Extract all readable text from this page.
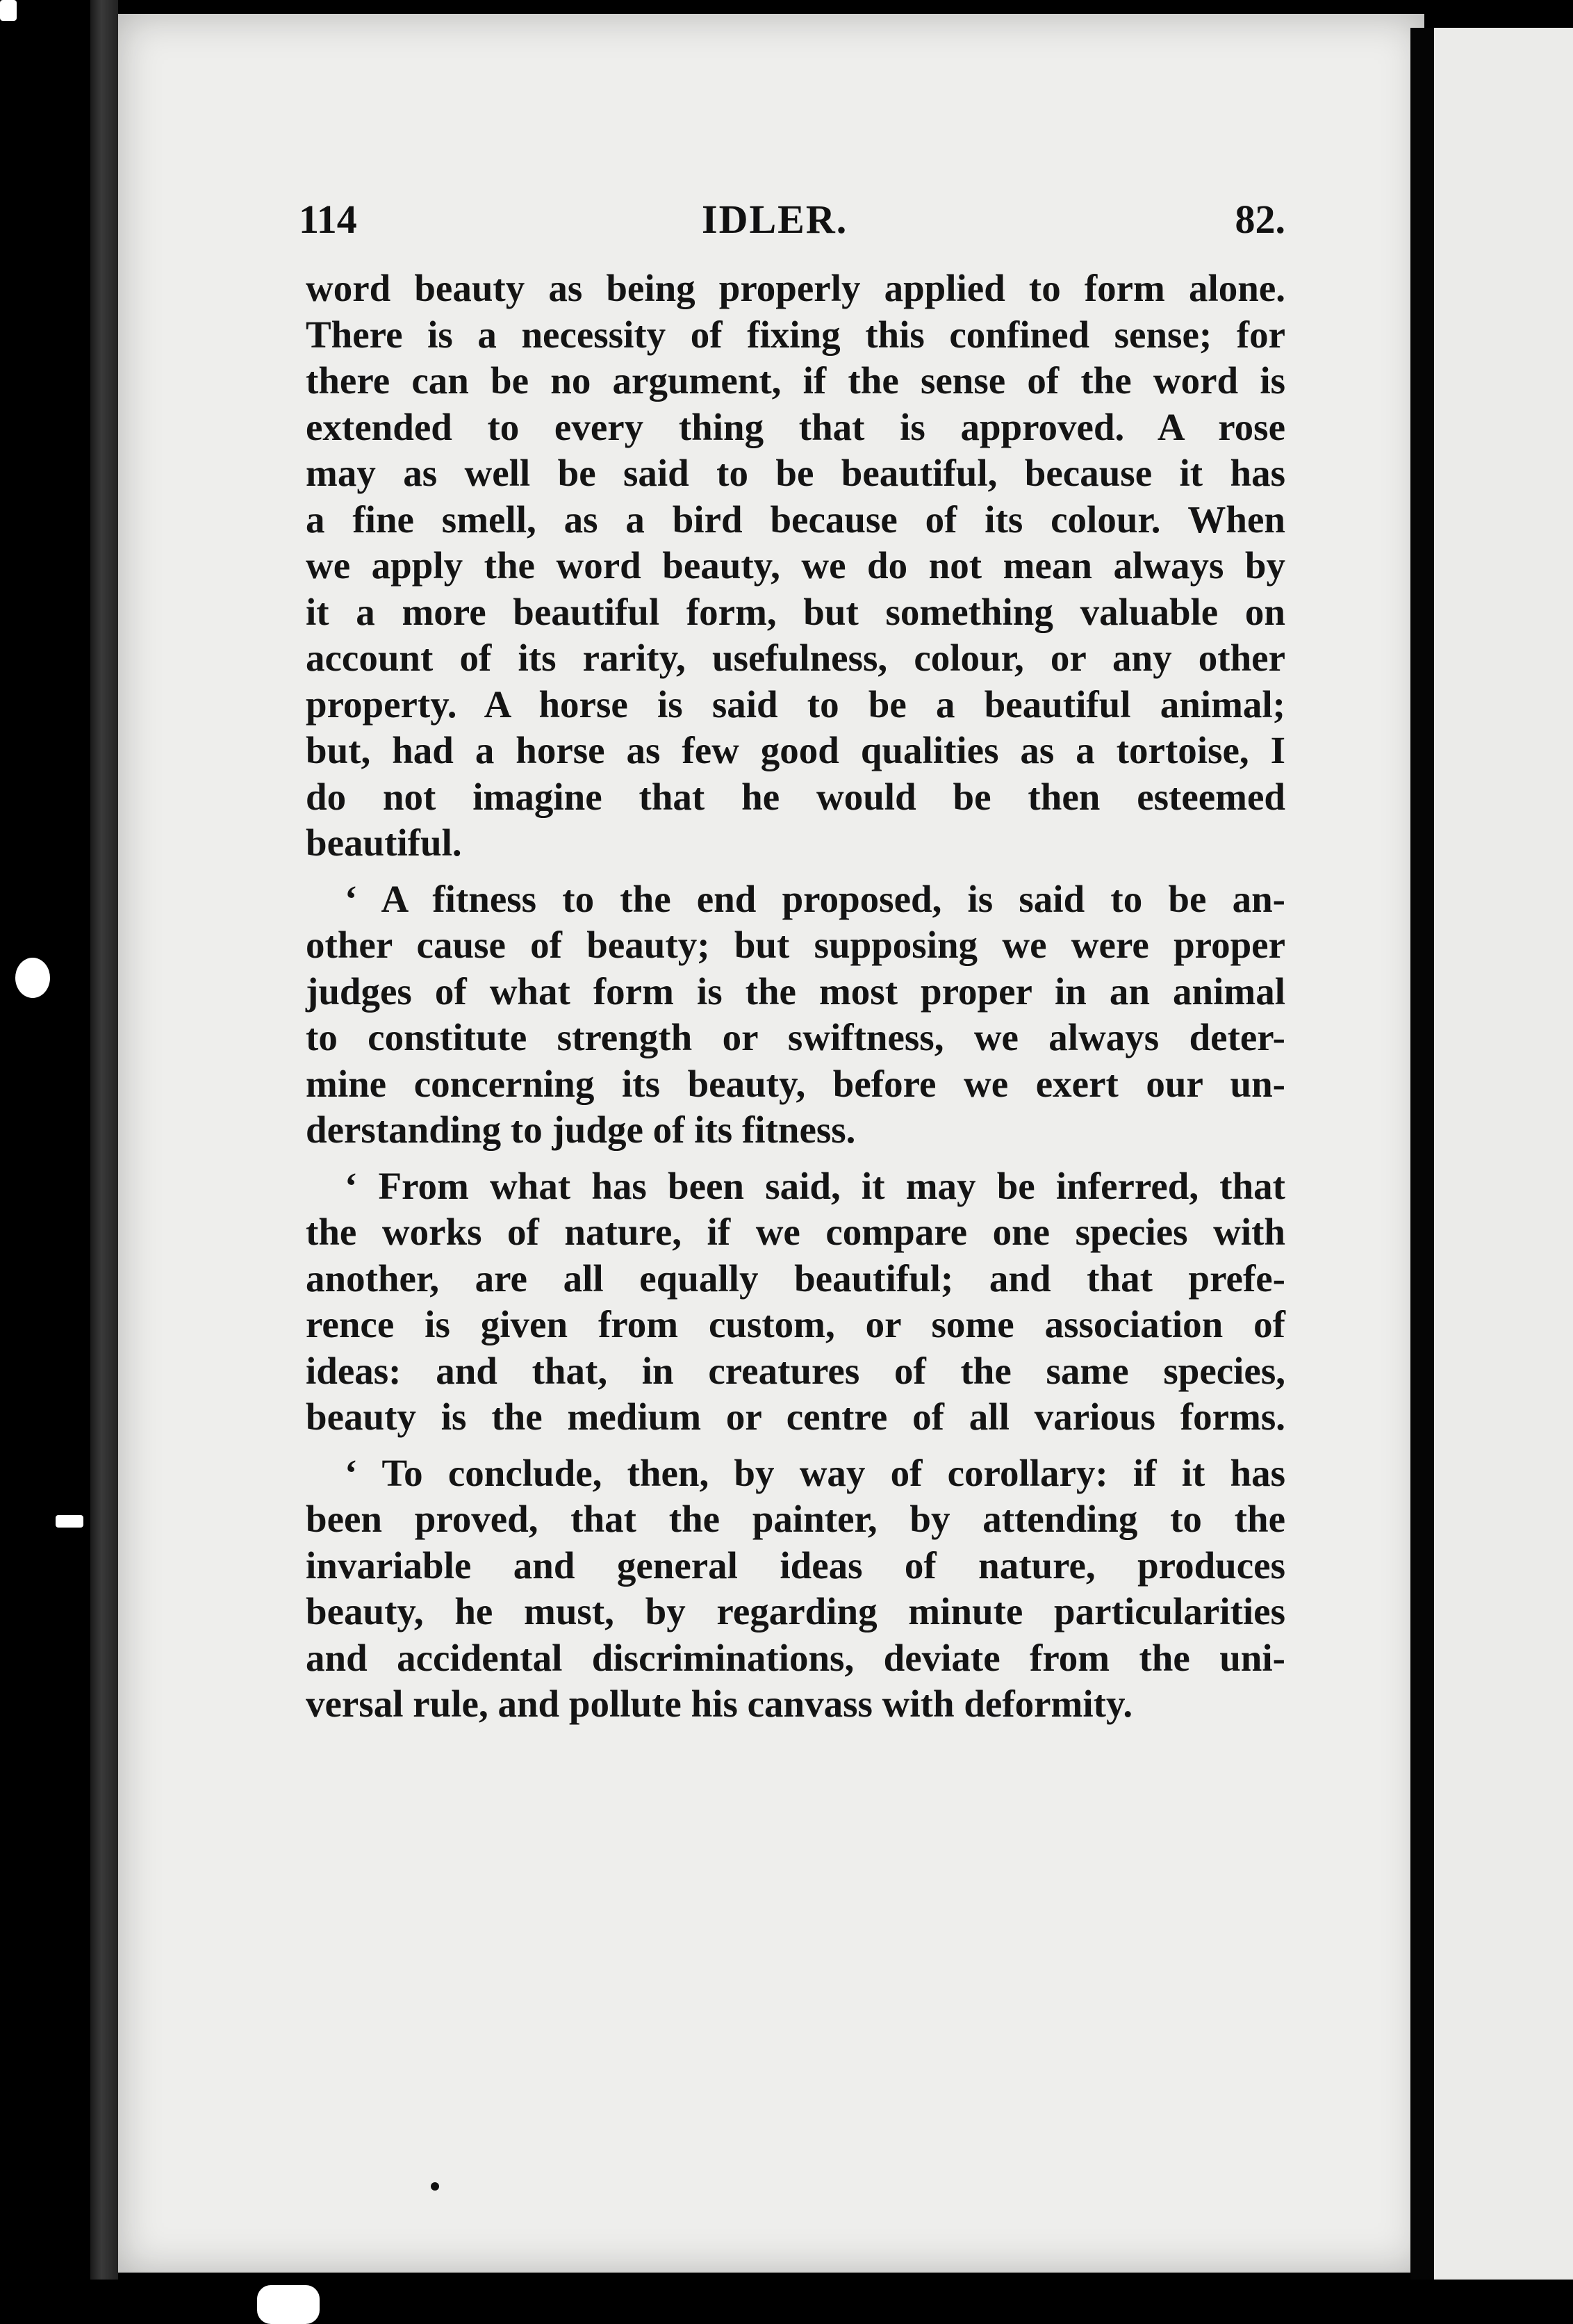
114	IDLER.	82.
word beauty as being properly applied to form alone.
There is a necessity of fixing this confined sense; for
there can be no argument, if the sense of the word is
extended to every thing that is approved. A rose
may as well be said to be beautiful, because it has
a fine smell, as a bird because of its colour. When
we apply the word beauty, we do not mean always by
it a more beautiful form, but something valuable on
account of its rarity, usefulness, colour, or any other
property. A horse is said to be a beautiful animal;
but, had a horse as few good qualities as a tortoise, I
do not imagine that he would be then esteemed
beautiful.
‘ A fitness to the end proposed, is said to be an-
other cause of beauty; but supposing we were proper
judges of what form is the most proper in an animal
to constitute strength or swiftness, we always deter-
mine concerning its beauty, before we exert our un-
derstanding to judge of its fitness.
‘ From what has been said, it may be inferred, that
the works of nature, if we compare one species with
another, are all equally beautiful; and that prefe-
rence is given from custom, or some association of
ideas: and that, in creatures of the same species,
beauty is the medium or centre of all various forms.
‘ To conclude, then, by way of corollary: if it has
been proved, that the painter, by attending to the
invariable and general ideas of nature, produces
beauty, he must, by regarding minute particularities
and accidental discriminations, deviate from the uni-
versal rule, and pollute his canvass with deformity.
